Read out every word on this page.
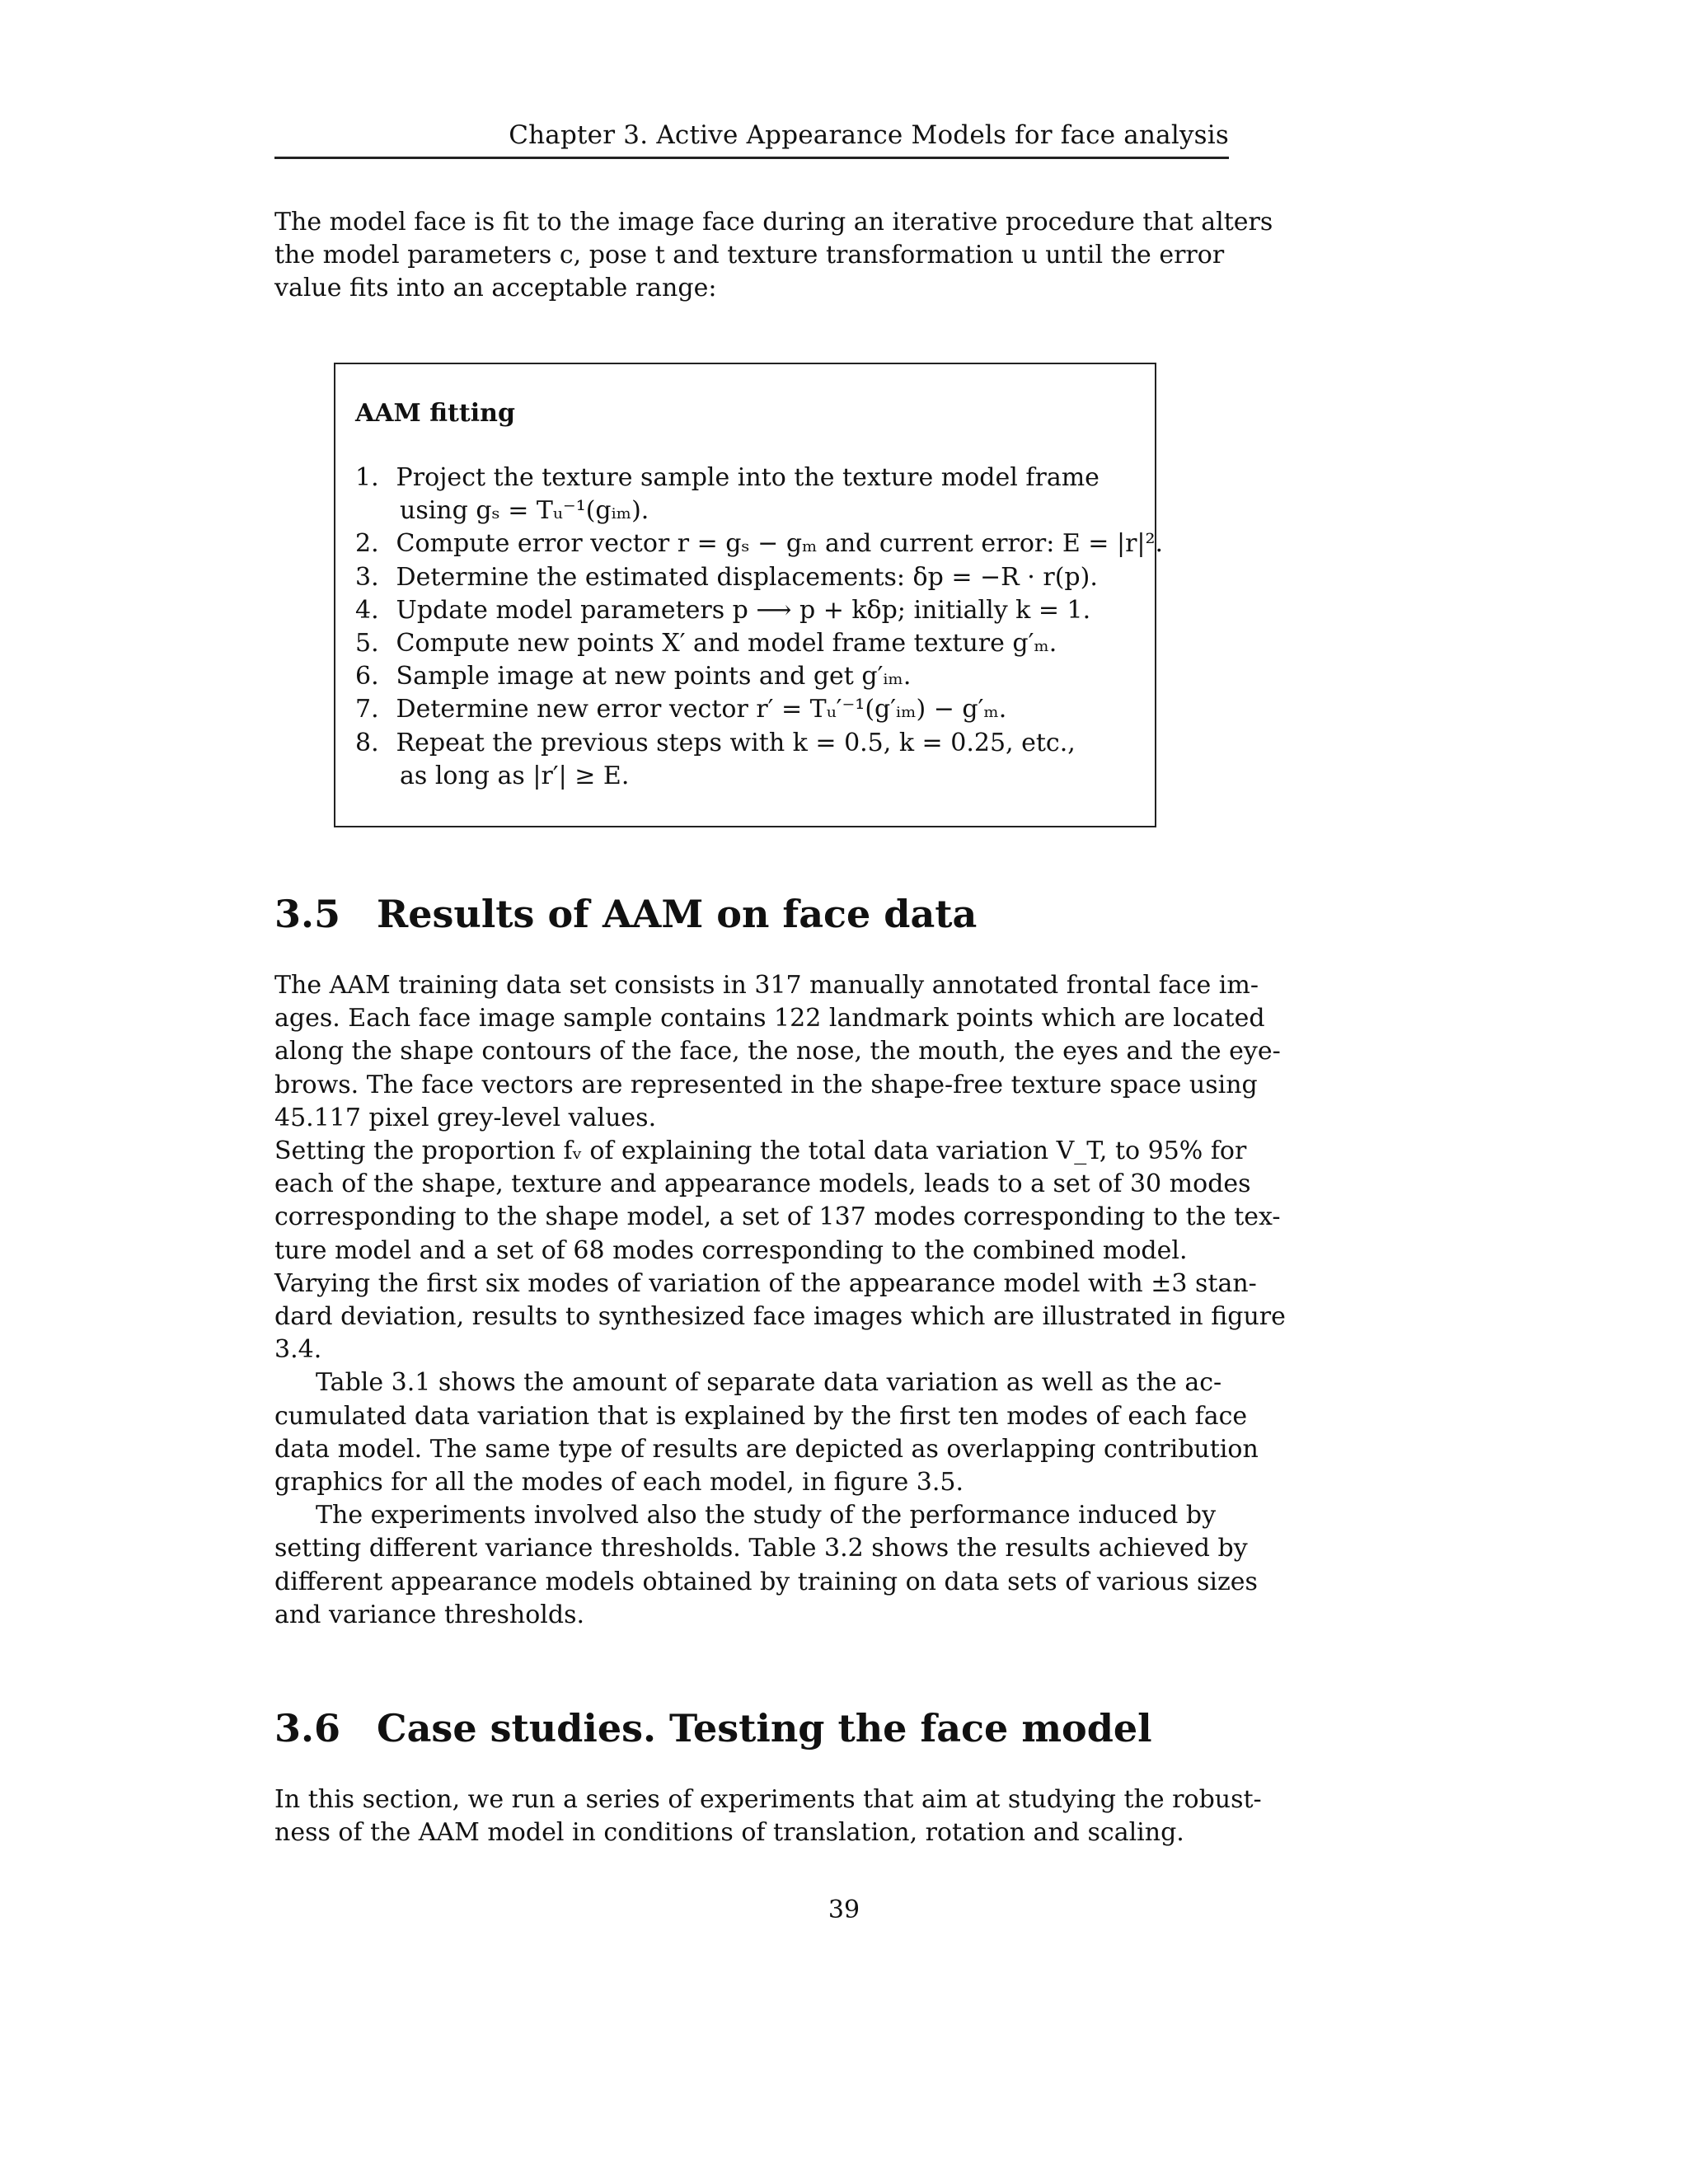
Chapter 3. Active Appearance Models for face analysis

The model face is fit to the image face during an iterative procedure that alters
the model parameters c, pose t and texture transformation u until the error
value fits into an acceptable range:

AAM fitting
1. Project the texture sample into the texture model frame
using gₛ = Tᵤ⁻¹(gᵢₘ).
2. Compute error vector r = gₛ − gₘ and current error: E = |r|².
3. Determine the estimated displacements: δp = −R · r(p).
4. Update model parameters p ⟶ p + kδp; initially k = 1.
5. Compute new points X′ and model frame texture g′ₘ.
6. Sample image at new points and get g′ᵢₘ.
7. Determine new error vector r′ = Tᵤ′⁻¹(g′ᵢₘ) − g′ₘ.
8. Repeat the previous steps with k = 0.5, k = 0.25, etc.,
as long as |r′| ≥ E.
3.5 Results of AAM on face data

The AAM training data set consists in 317 manually annotated frontal face im-
ages. Each face image sample contains 122 landmark points which are located
along the shape contours of the face, the nose, the mouth, the eyes and the eye-
brows. The face vectors are represented in the shape-free texture space using
45.117 pixel grey-level values.
Setting the proportion fᵥ of explaining the total data variation V_T, to 95% for
each of the shape, texture and appearance models, leads to a set of 30 modes
corresponding to the shape model, a set of 137 modes corresponding to the tex-
ture model and a set of 68 modes corresponding to the combined model.
Varying the first six modes of variation of the appearance model with ±3 stan-
dard deviation, results to synthesized face images which are illustrated in figure
3.4.
Table 3.1 shows the amount of separate data variation as well as the ac-
cumulated data variation that is explained by the first ten modes of each face
data model. The same type of results are depicted as overlapping contribution
graphics for all the modes of each model, in figure 3.5.
The experiments involved also the study of the performance induced by
setting different variance thresholds. Table 3.2 shows the results achieved by
different appearance models obtained by training on data sets of various sizes
and variance thresholds.

3.6 Case studies. Testing the face model

In this section, we run a series of experiments that aim at studying the robust-
ness of the AAM model in conditions of translation, rotation and scaling.

39
